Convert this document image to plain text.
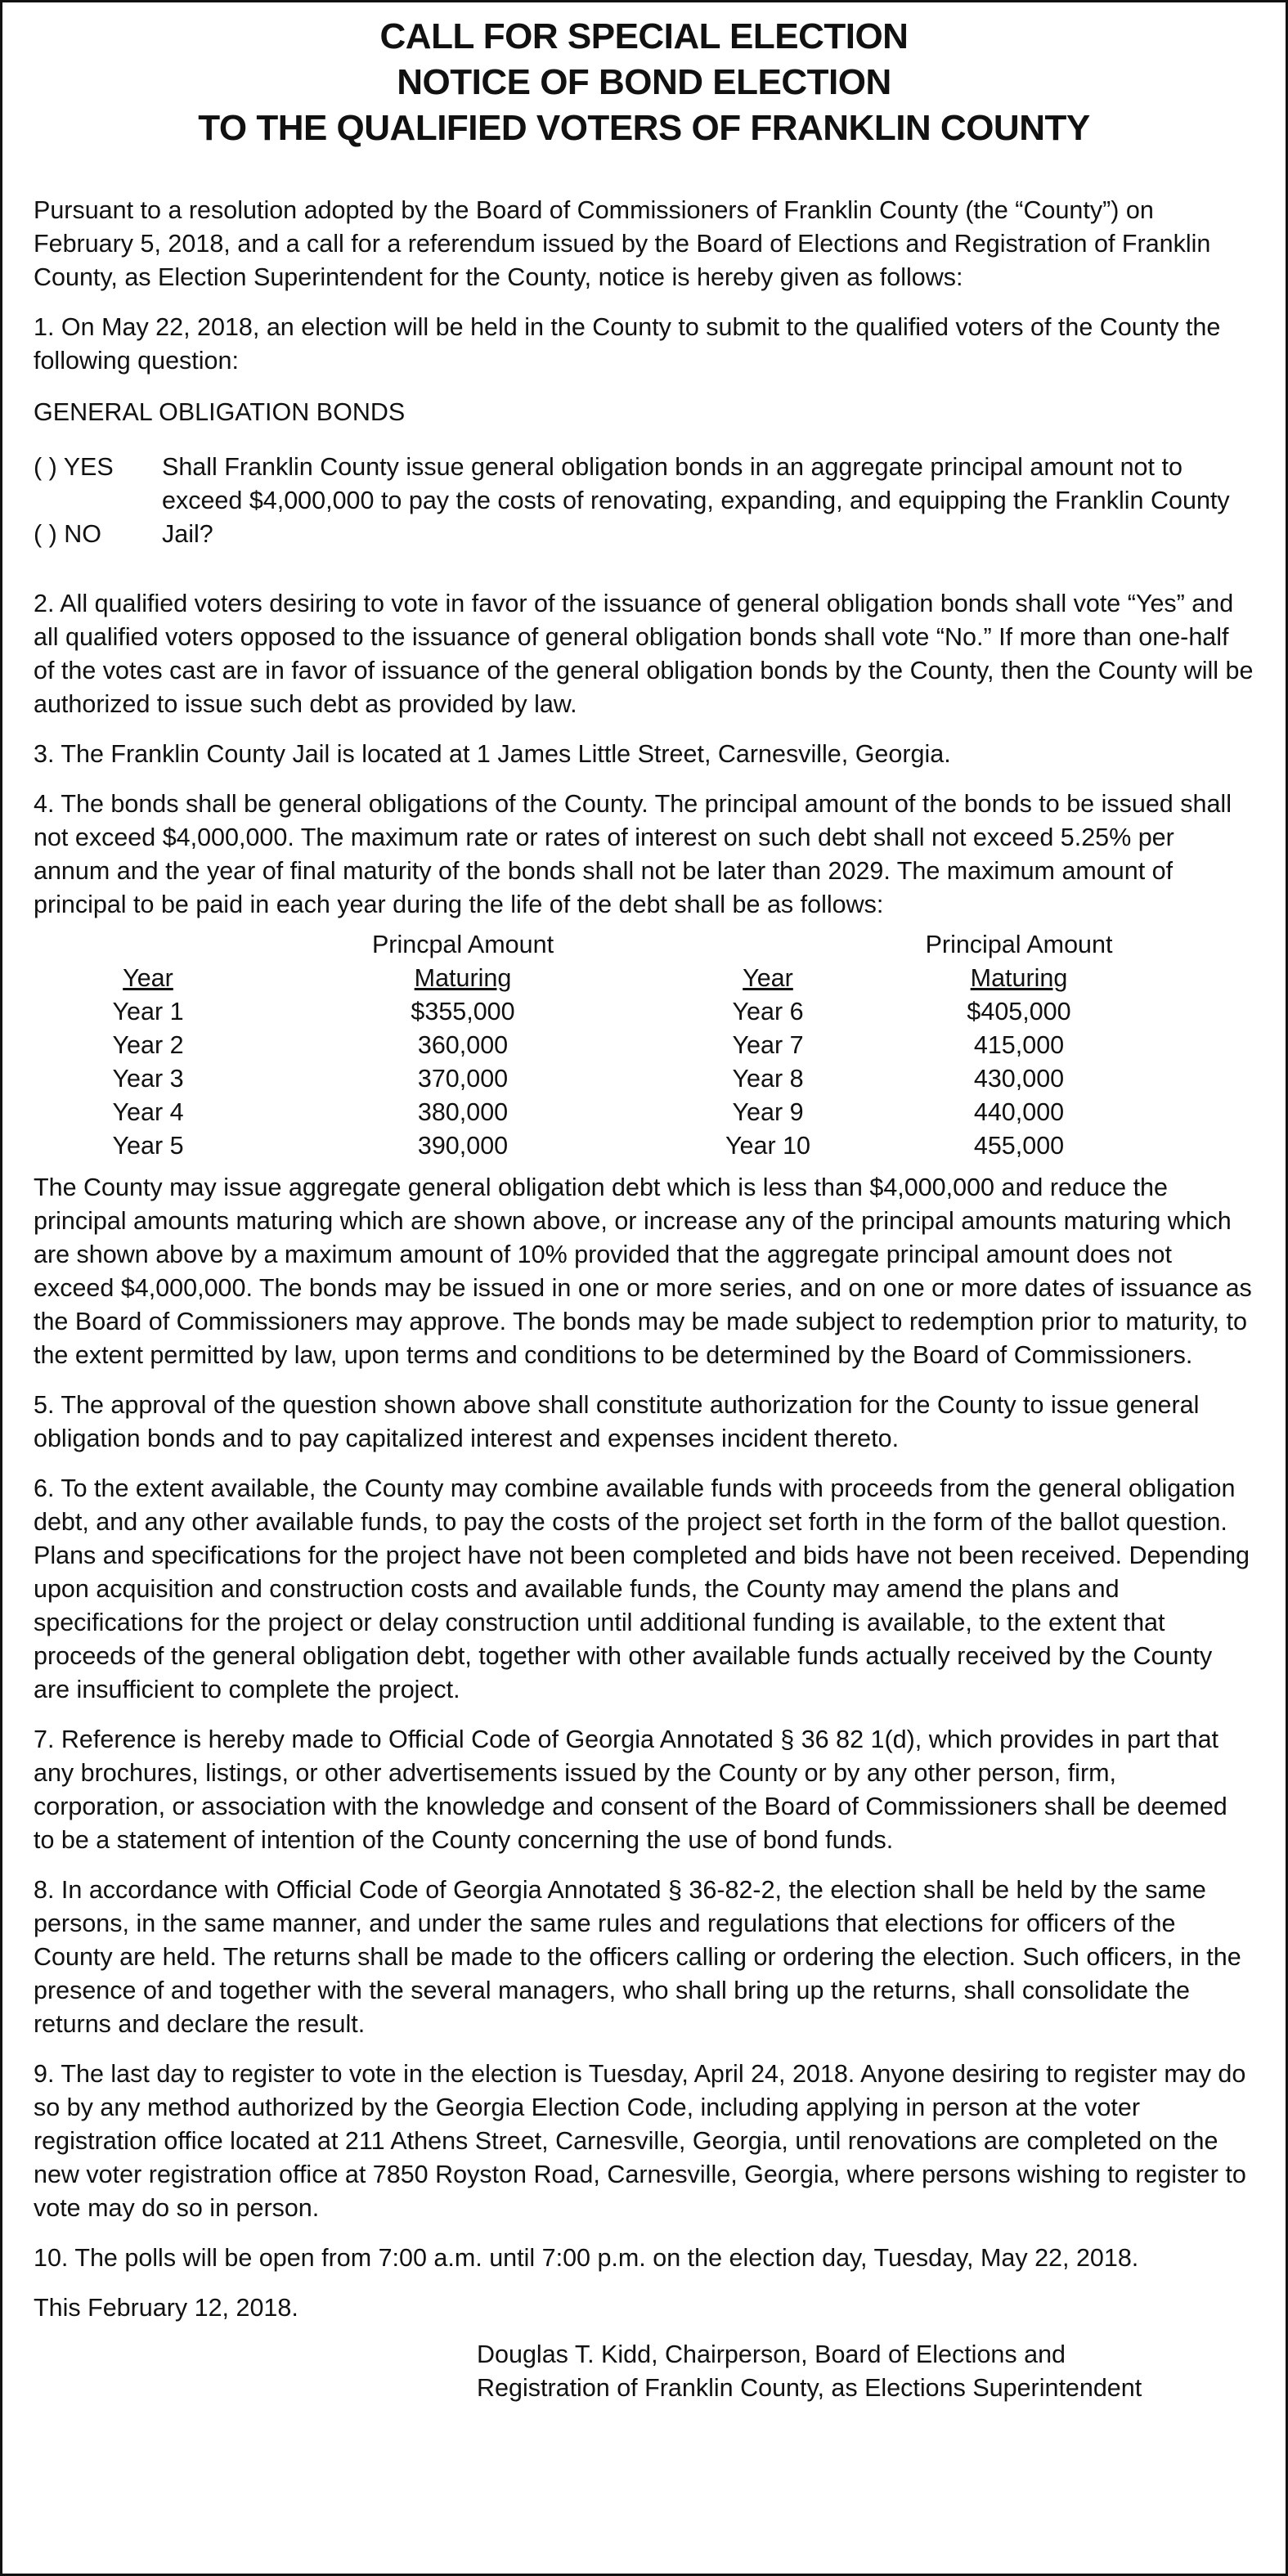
CALL FOR SPECIAL ELECTION
NOTICE OF BOND ELECTION
TO THE QUALIFIED VOTERS OF FRANKLIN COUNTY

Pursuant to a resolution adopted by the Board of Commissioners of Franklin County (the “County”) on February 5, 2018, and a call for a referendum issued by the Board of Elections and Registration of Franklin County, as Election Superintendent for the County, notice is hereby given as follows:

1. On May 22, 2018, an election will be held in the County to submit to the qualified voters of the County the following question:

GENERAL OBLIGATION BONDS
( ) YES
( ) NO
Shall Franklin County issue general obligation bonds in an aggregate principal amount not to exceed $4,000,000 to pay the costs of renovating, expanding, and equipping the Franklin County Jail?

2. All qualified voters desiring to vote in favor of the issuance of general obligation bonds shall vote “Yes” and all qualified voters opposed to the issuance of general obligation bonds shall vote “No.” If more than one-half of the votes cast are in favor of issuance of the general obligation bonds by the County, then the County will be authorized to issue such debt as provided by law.

3. The Franklin County Jail is located at 1 James Little Street, Carnesville, Georgia.

4. The bonds shall be general obligations of the County. The principal amount of the bonds to be issued shall not exceed $4,000,000. The maximum rate or rates of interest on such debt shall not exceed 5.25% per annum and the year of final maturity of the bonds shall not be later than 2029. The maximum amount of principal to be paid in each year during the life of the debt shall be as follows:

Princpal Amount	Principal Amount
Year	Maturing	Year	Maturing
Year 1	$355,000	Year 6	$405,000
Year 2	360,000	Year 7	415,000
Year 3	370,000	Year 8	430,000
Year 4	380,000	Year 9	440,000
Year 5	390,000	Year 10	455,000

The County may issue aggregate general obligation debt which is less than $4,000,000 and reduce the principal amounts maturing which are shown above, or increase any of the principal amounts maturing which are shown above by a maximum amount of 10% provided that the aggregate principal amount does not exceed $4,000,000. The bonds may be issued in one or more series, and on one or more dates of issuance as the Board of Commissioners may approve. The bonds may be made subject to redemption prior to maturity, to the extent permitted by law, upon terms and conditions to be determined by the Board of Commissioners.

5. The approval of the question shown above shall constitute authorization for the County to issue general obligation bonds and to pay capitalized interest and expenses incident thereto.

6. To the extent available, the County may combine available funds with proceeds from the general obligation debt, and any other available funds, to pay the costs of the project set forth in the form of the ballot question. Plans and specifications for the project have not been completed and bids have not been received. Depending upon acquisition and construction costs and available funds, the County may amend the plans and specifications for the project or delay construction until additional funding is available, to the extent that proceeds of the general obligation debt, together with other available funds actually received by the County are insufficient to complete the project.

7. Reference is hereby made to Official Code of Georgia Annotated § 36 82 1(d), which provides in part that any brochures, listings, or other advertisements issued by the County or by any other person, firm, corporation, or association with the knowledge and consent of the Board of Commissioners shall be deemed to be a statement of intention of the County concerning the use of bond funds.

8. In accordance with Official Code of Georgia Annotated § 36-82-2, the election shall be held by the same persons, in the same manner, and under the same rules and regulations that elections for officers of the County are held. The returns shall be made to the officers calling or ordering the election. Such officers, in the presence of and together with the several managers, who shall bring up the returns, shall consolidate the returns and declare the result.

9. The last day to register to vote in the election is Tuesday, April 24, 2018. Anyone desiring to register may do so by any method authorized by the Georgia Election Code, including applying in person at the voter registration office located at 211 Athens Street, Carnesville, Georgia, until renovations are completed on the new voter registration office at 7850 Royston Road, Carnesville, Georgia, where persons wishing to register to vote may do so in person.

10. The polls will be open from 7:00 a.m. until 7:00 p.m. on the election day, Tuesday, May 22, 2018.

This February 12, 2018.

Douglas T. Kidd, Chairperson, Board of Elections and
Registration of Franklin County, as Elections Superintendent
